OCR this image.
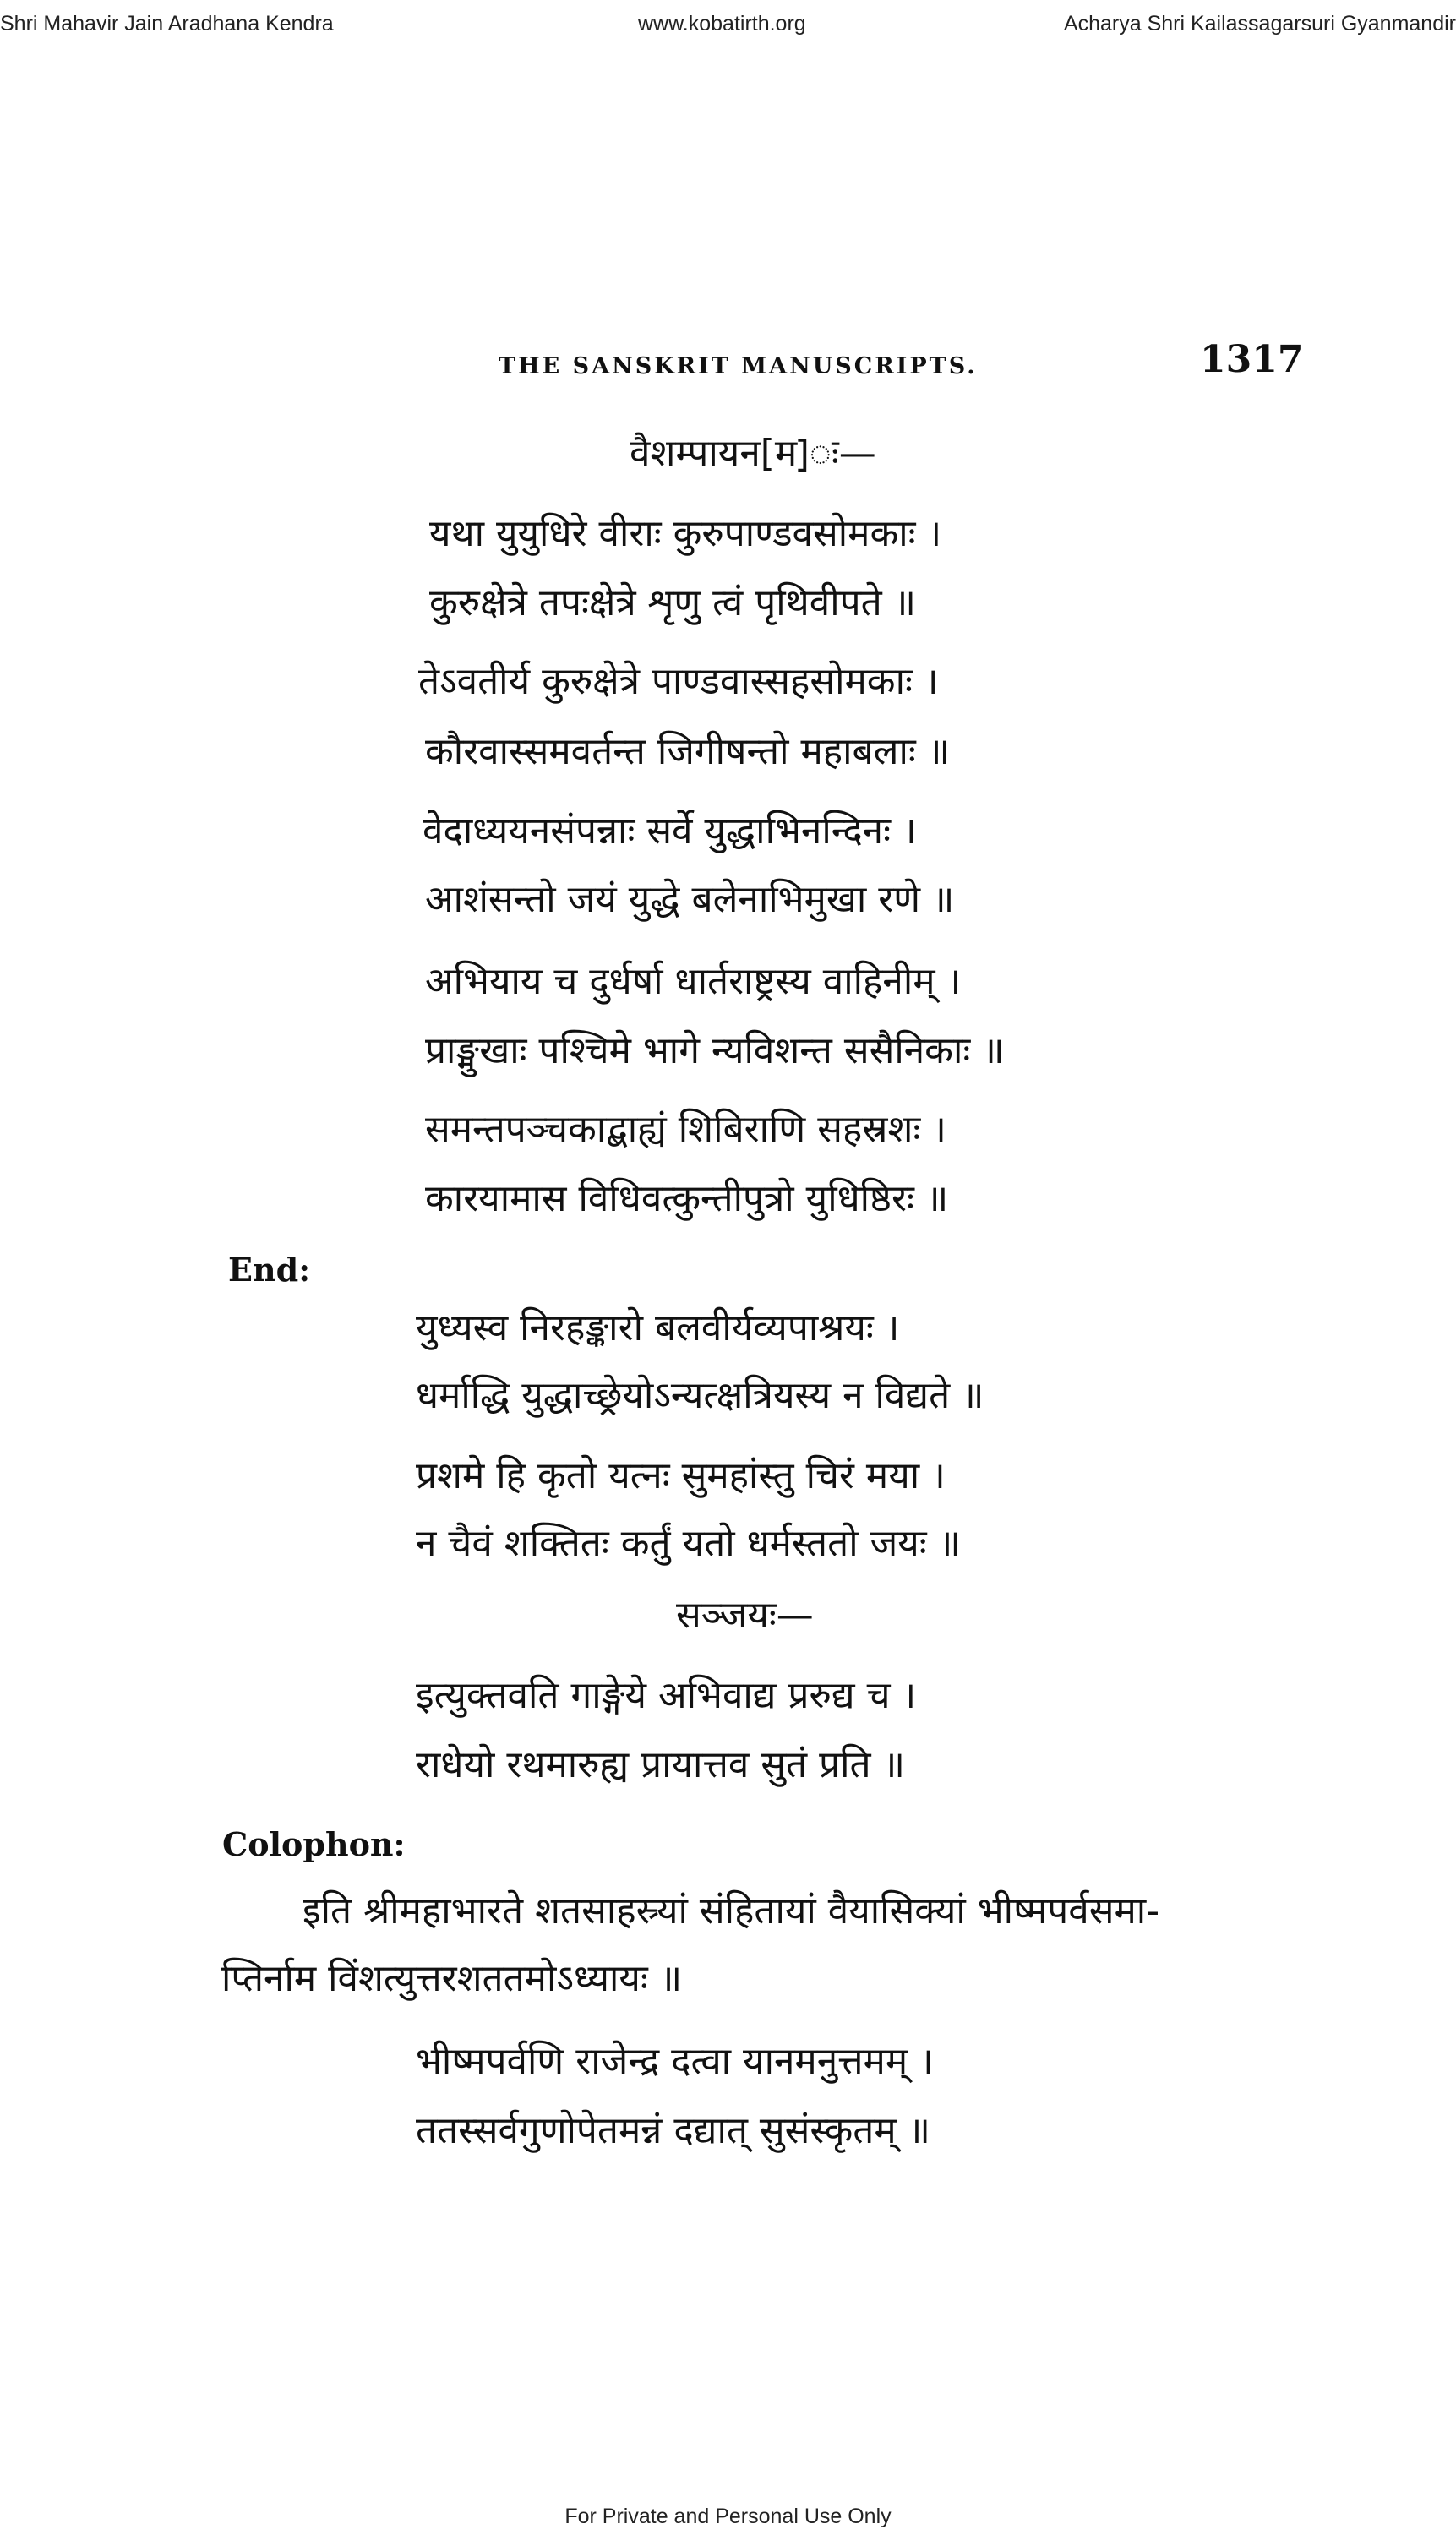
Shri Mahavir Jain Aradhana Kendra	www.kobatirth.org	Acharya Shri Kailassagarsuri Gyanmandir
THE SANSKRIT MANUSCRIPTS.	1317
वैशम्पायन[म]ः—
यथा युयुधिरे वीराः कुरुपाण्डवसोमकाः ।
कुरुक्षेत्रे तपःक्षेत्रे शृणु त्वं पृथिवीपते ॥
तेऽवतीर्य कुरुक्षेत्रे पाण्डवास्सहसोमकाः ।
कौरवास्समवर्तन्त जिगीषन्तो महाबलाः ॥
वेदाध्ययनसंपन्नाः सर्वे युद्धाभिनन्दिनः ।
आशंसन्तो जयं युद्धे बलेनाभिमुखा रणे ॥
अभियाय च दुर्धर्षा धार्तराष्ट्रस्य वाहिनीम् ।
प्राङ्मुखाः पश्चिमे भागे न्यविशन्त ससैनिकाः ॥
समन्तपञ्चकाद्बाह्यं शिबिराणि सहस्रशः ।
कारयामास विधिवत्कुन्तीपुत्रो युधिष्ठिरः ॥
End:
युध्यस्व निरहङ्कारो बलवीर्यव्यपाश्रयः ।
धर्माद्धि युद्धाच्छ्रेयोऽन्यत्क्षत्रियस्य न विद्यते ॥
प्रशमे हि कृतो यत्नः सुमहांस्तु चिरं मया ।
न चैवं शक्तितः कर्तुं यतो धर्मस्ततो जयः ॥
सञ्जयः—
इत्युक्तवति गाङ्गेये अभिवाद्य प्ररुद्य च ।
राधेयो रथमारुह्य प्रायात्तव सुतं प्रति ॥
Colophon:
इति श्रीमहाभारते शतसाहस्र्यां संहितायां वैयासिक्यां भीष्मपर्वसमा-
प्तिर्नाम विंशत्युत्तरशततमोऽध्यायः ॥
भीष्मपर्वणि राजेन्द्र दत्वा यानमनुत्तमम् ।
ततस्सर्वगुणोपेतमन्नं दद्यात् सुसंस्कृतम् ॥
For Private and Personal Use Only
